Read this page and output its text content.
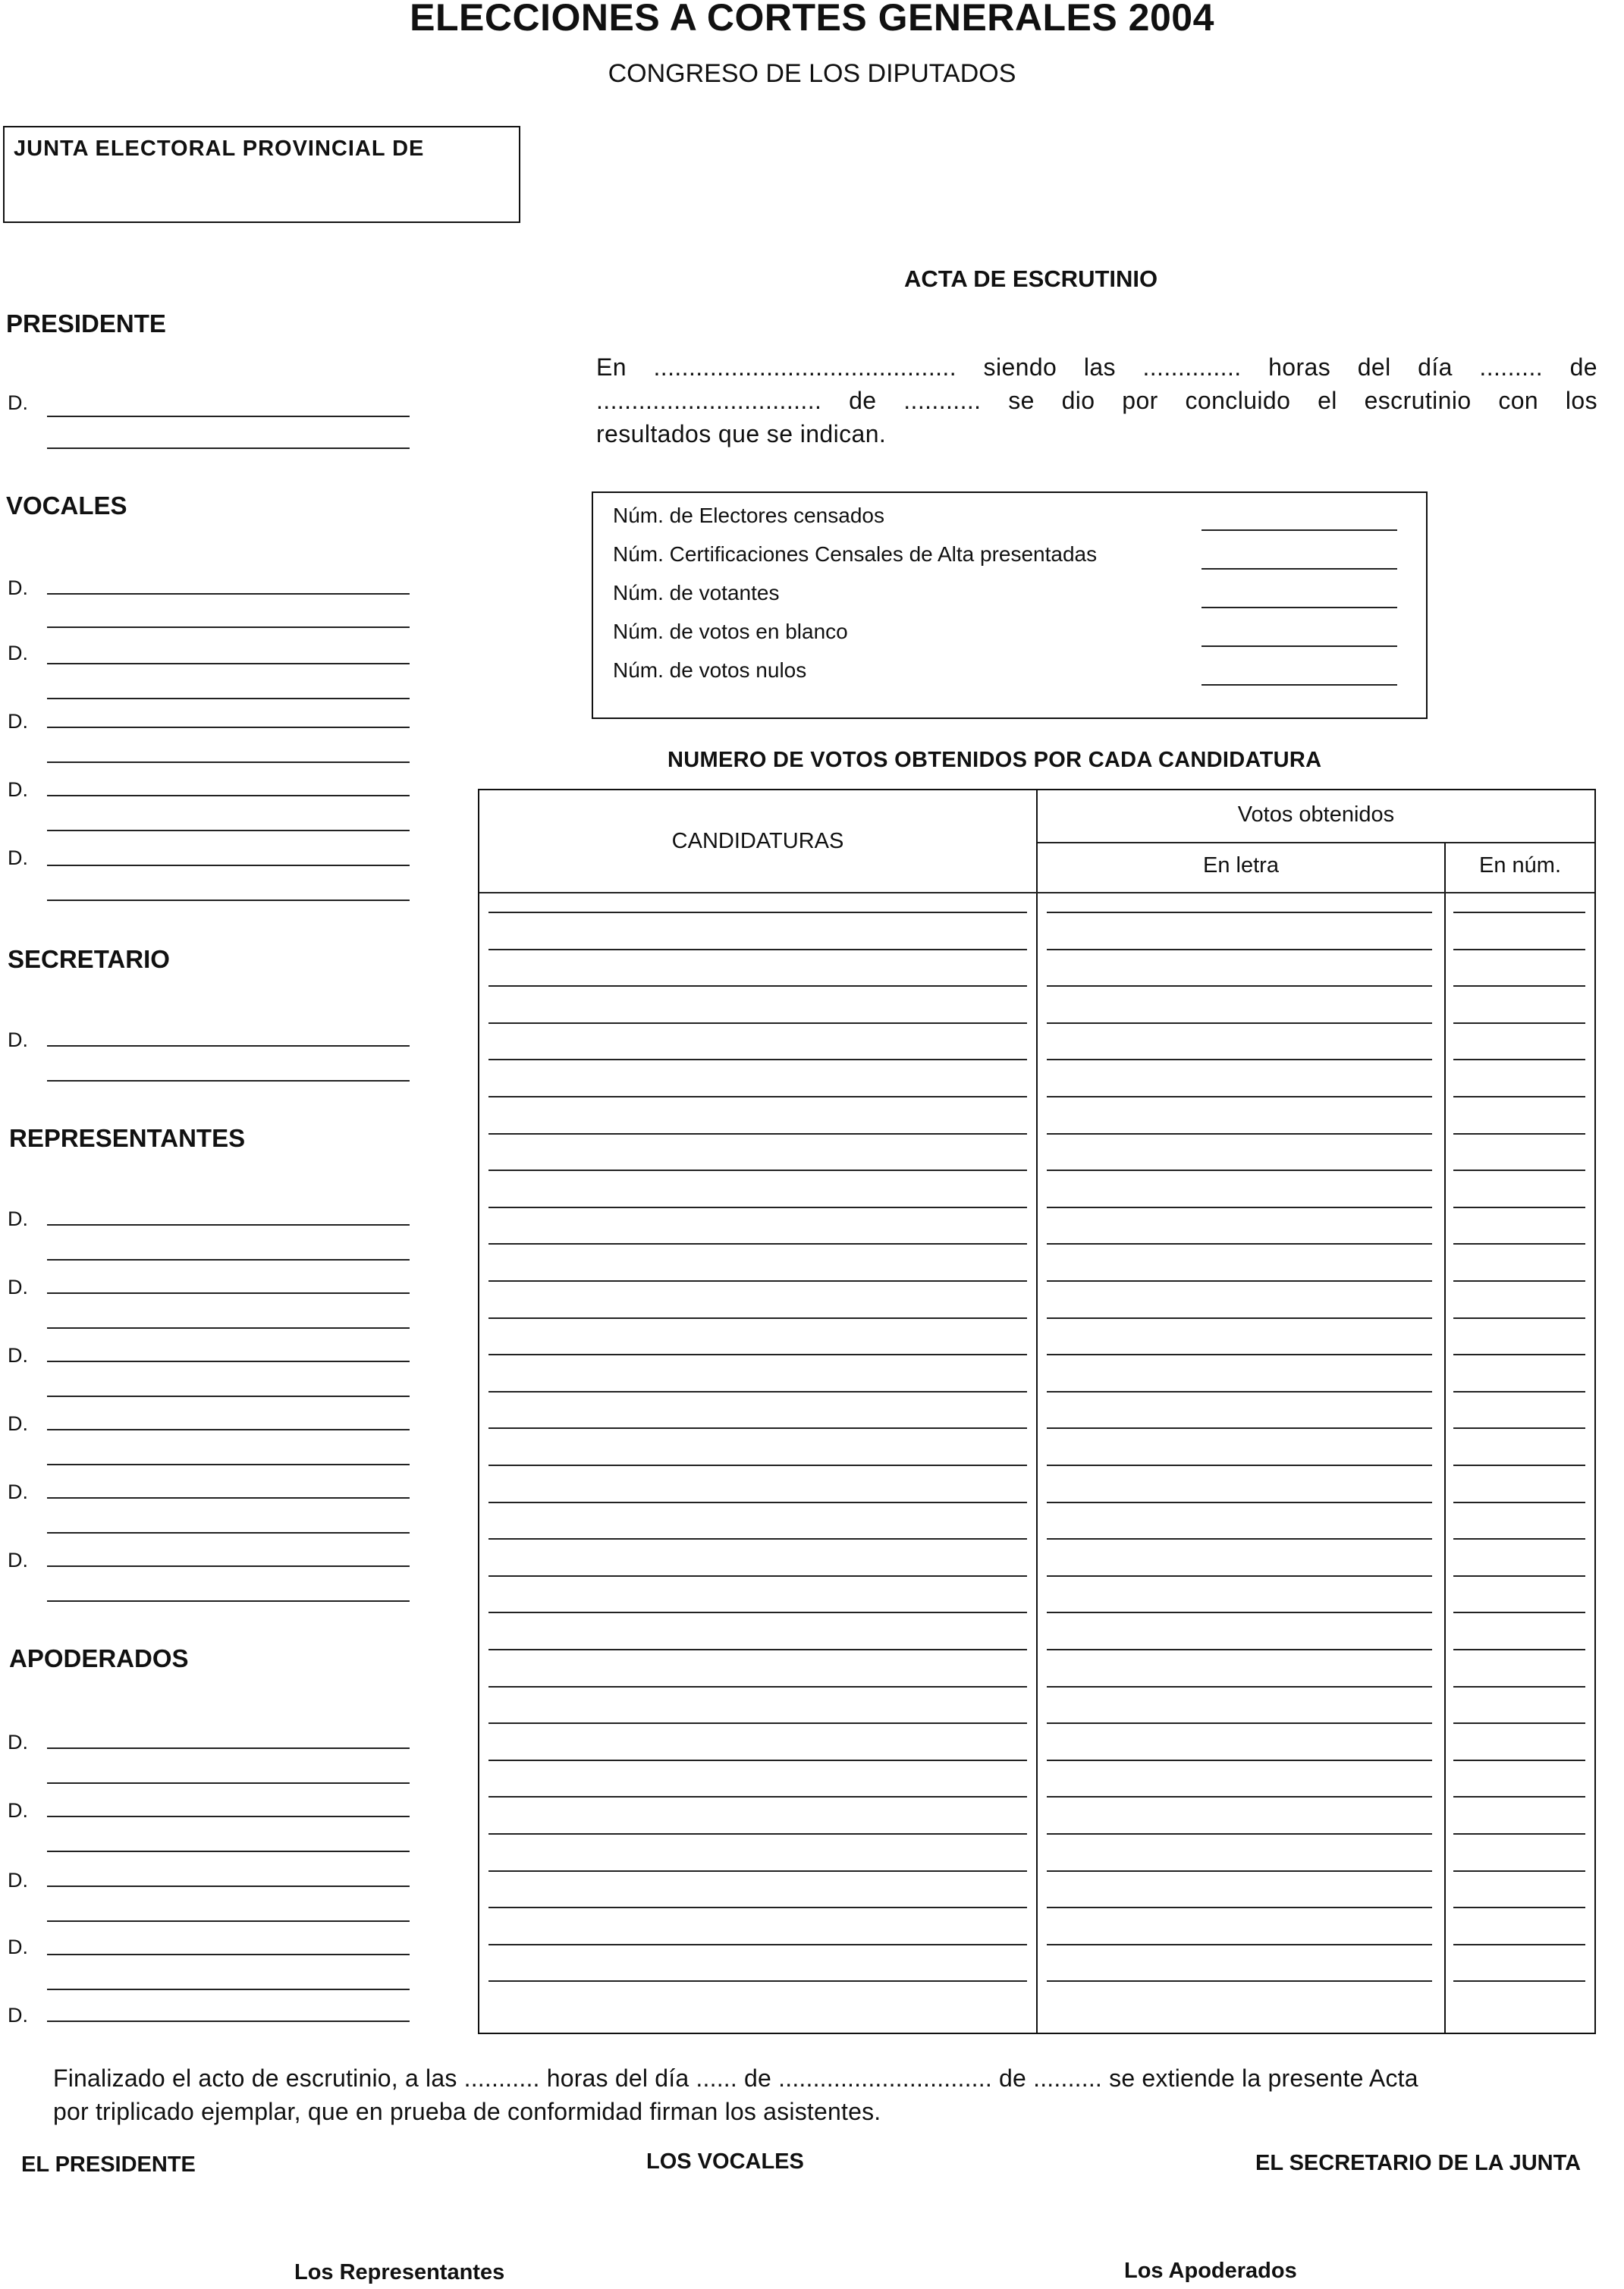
ELECCIONES A CORTES GENERALES 2004
CONGRESO DE LOS DIPUTADOS
JUNTA ELECTORAL PROVINCIAL DE
ACTA DE ESCRUTINIO
En ........................................... siendo las .............. horas del día ......... de
................................ de ........... se dio por concluido el escrutinio con los
resultados que se indican.
PRESIDENTE
VOCALES
SECRETARIO
REPRESENTANTES
APODERADOS
D.
D.
D.
D.
D.
D.
D.
D.
D.
D.
D.
D.
D.
D.
D.
D.
D.
D.
Núm. de Electores censados
Núm. Certificaciones Censales de Alta presentadas
Núm. de votantes
Núm. de votos en blanco
Núm. de votos nulos
NUMERO DE VOTOS OBTENIDOS POR CADA CANDIDATURA
CANDIDATURAS
Votos obtenidos
En letra	En núm.
Finalizado el acto de escrutinio, a las ........... horas del día ...... de ............................... de .......... se extiende la presente Acta
por triplicado ejemplar, que en prueba de conformidad firman los asistentes.
EL PRESIDENTE	LOS VOCALES	EL SECRETARIO DE LA JUNTA
Los Representantes	Los Apoderados
